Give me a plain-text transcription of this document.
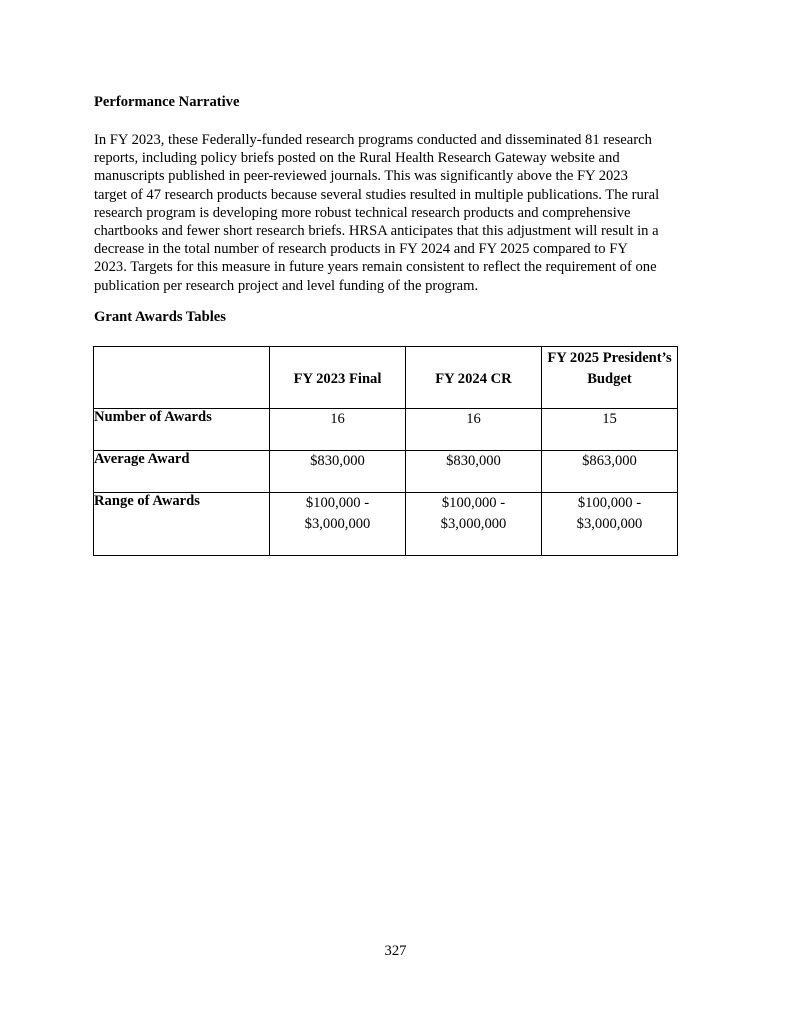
Performance Narrative

In FY 2023, these Federally-funded research programs conducted and disseminated 81 research
reports, including policy briefs posted on the Rural Health Research Gateway website and
manuscripts published in peer-reviewed journals. This was significantly above the FY 2023
target of 47 research products because several studies resulted in multiple publications. The rural
research program is developing more robust technical research products and comprehensive
chartbooks and fewer short research briefs. HRSA anticipates that this adjustment will result in a
decrease in the total number of research products in FY 2024 and FY 2025 compared to FY
2023. Targets for this measure in future years remain consistent to reflect the requirement of one
publication per research project and level funding of the program.

Grant Awards Tables

	FY 2023 Final	FY 2024 CR	FY 2025 President’s
Budget

Number of Awards	16	16	15

Average Award	$830,000	$830,000	$863,000

Range of Awards	$100,000 -
$3,000,000	$100,000 -
$3,000,000	$100,000 -
$3,000,000
327
